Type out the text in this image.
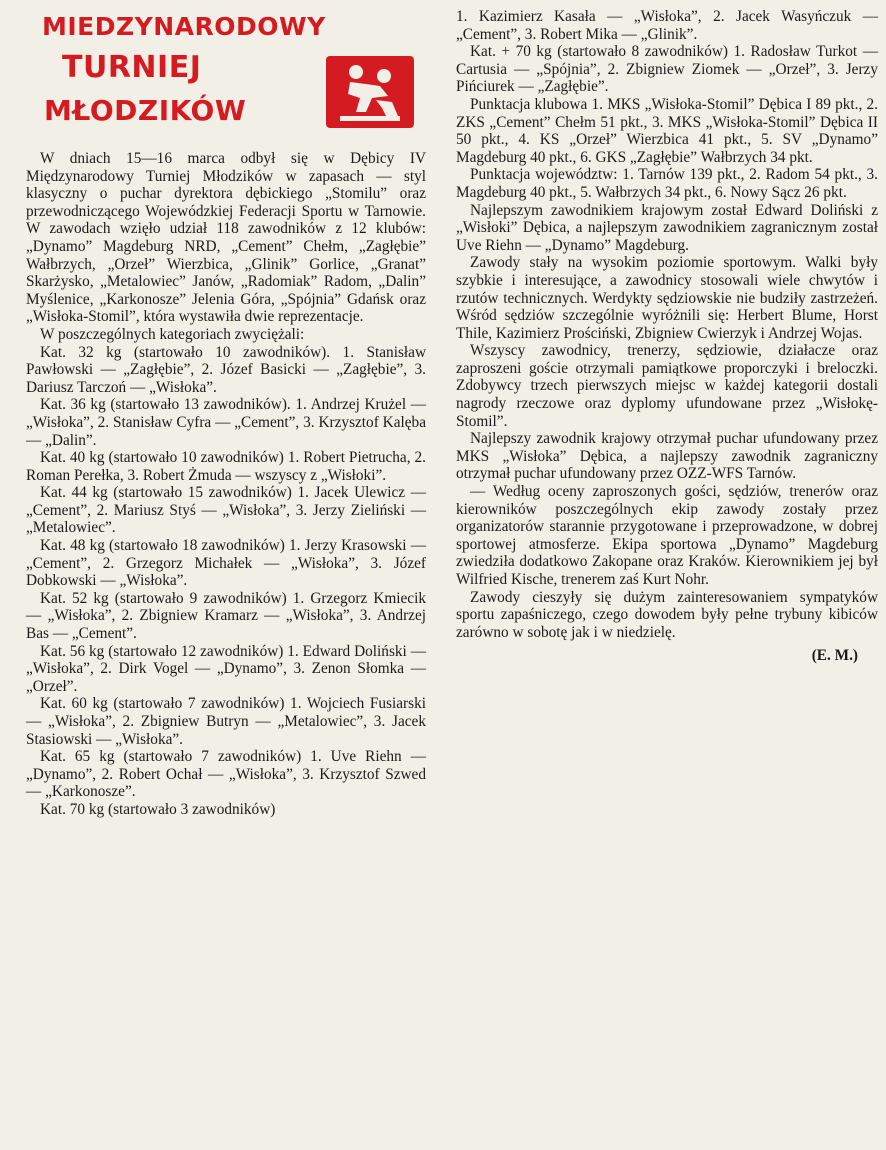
MIEDZYNARODOWY
TURNIEJ
MŁODZIKÓW

W dniach 15—16 marca odbył się w Dębicy IV Międzynarodowy Turniej Młodzików w zapasach — styl klasyczny o puchar dyrektora dębickiego „Stomilu” oraz przewodniczącego Wojewódzkiej Federacji Sportu w Tarnowie. W zawodach wzięło udział 118 zawodników z 12 klubów: „Dynamo” Magdeburg NRD, „Cement” Chełm, „Zagłębie” Wałbrzych, „Orzeł” Wierzbica, „Glinik” Gorlice, „Granat” Skarżysko, „Metalowiec” Janów, „Radomiak” Radom, „Dalin” Myślenice, „Karkonosze” Jelenia Góra, „Spójnia” Gdańsk oraz „Wisłoka-Stomil”, która wystawiła dwie reprezentacje.

W poszczególnych kategoriach zwyciężali:

Kat. 32 kg (startowało 10 zawodników). 1. Stanisław Pawłowski — „Zagłębie”, 2. Józef Basicki — „Zagłębie”, 3. Dariusz Tarczoń — „Wisłoka”.

Kat. 36 kg (startowało 13 zawodników). 1. Andrzej Krużel — „Wisłoka”, 2. Stanisław Cyfra — „Cement”, 3. Krzysztof Kalęba — „Dalin”.

Kat. 40 kg (startowało 10 zawodników) 1. Robert Pietrucha, 2. Roman Perełka, 3. Robert Żmuda — wszyscy z „Wisłoki”.

Kat. 44 kg (startowało 15 zawodników) 1. Jacek Ulewicz — „Cement”, 2. Mariusz Styś — „Wisłoka”, 3. Jerzy Zieliński — „Metalowiec”.

Kat. 48 kg (startowało 18 zawodników) 1. Jerzy Krasowski — „Cement”, 2. Grzegorz Michałek — „Wisłoka”, 3. Józef Dobkowski — „Wisłoka”.

Kat. 52 kg (startowało 9 zawodników) 1. Grzegorz Kmiecik — „Wisłoka”, 2. Zbigniew Kramarz — „Wisłoka”, 3. Andrzej Bas — „Cement”.

Kat. 56 kg (startowało 12 zawodników) 1. Edward Doliński — „Wisłoka”, 2. Dirk Vogel — „Dynamo”, 3. Zenon Słomka — „Orzeł”.

Kat. 60 kg (startowało 7 zawodników) 1. Wojciech Fusiarski — „Wisłoka”, 2. Zbigniew Butryn — „Metalowiec”, 3. Jacek Stasiowski — „Wisłoka”.

Kat. 65 kg (startowało 7 zawodników) 1. Uve Riehn — „Dynamo”, 2. Robert Ochał — „Wisłoka”, 3. Krzysztof Szwed — „Karkonosze”.

Kat. 70 kg (startowało 3 zawodników)

1. Kazimierz Kasała — „Wisłoka”, 2. Jacek Wasyńczuk — „Cement”, 3. Robert Mika — „Glinik”.

Kat. + 70 kg (startowało 8 zawodników) 1. Radosław Turkot — Cartusia — „Spójnia”, 2. Zbigniew Ziomek — „Orzeł”, 3. Jerzy Pińciurek — „Zagłębie”.

Punktacja klubowa 1. MKS „Wisłoka-Stomil” Dębica I 89 pkt., 2. ZKS „Cement” Chełm 51 pkt., 3. MKS „Wisłoka-Stomil” Dębica II 50 pkt., 4. KS „Orzeł” Wierzbica 41 pkt., 5. SV „Dynamo” Magdeburg 40 pkt., 6. GKS „Zagłębie” Wałbrzych 34 pkt.

Punktacja województw: 1. Tarnów 139 pkt., 2. Radom 54 pkt., 3. Magdeburg 40 pkt., 5. Wałbrzych 34 pkt., 6. Nowy Sącz 26 pkt.

Najlepszym zawodnikiem krajowym został Edward Doliński z „Wisłoki” Dębica, a najlepszym zawodnikiem zagranicznym został Uve Riehn — „Dynamo” Magdeburg.

Zawody stały na wysokim poziomie sportowym. Walki były szybkie i interesujące, a zawodnicy stosowali wiele chwytów i rzutów technicznych. Werdykty sędziowskie nie budziły zastrzeżeń. Wśród sędziów szczególnie wyróżnili się: Herbert Blume, Horst Thile, Kazimierz Prościński, Zbigniew Cwierzyk i Andrzej Wojas.

Wszyscy zawodnicy, trenerzy, sędziowie, działacze oraz zaproszeni goście otrzymali pamiątkowe proporczyki i breloczki. Zdobywcy trzech pierwszych miejsc w każdej kategorii dostali nagrody rzeczowe oraz dyplomy ufundowane przez „Wisłokę-Stomil”.

Najlepszy zawodnik krajowy otrzymał puchar ufundowany przez MKS „Wisłoka” Dębica, a najlepszy zawodnik zagraniczny otrzymał puchar ufundowany przez OZZ-WFS Tarnów.

— Według oceny zaproszonych gości, sędziów, trenerów oraz kierowników poszczególnych ekip zawody zostały przez organizatorów starannie przygotowane i przeprowadzone, w dobrej sportowej atmosferze. Ekipa sportowa „Dynamo” Magdeburg zwiedziła dodatkowo Zakopane oraz Kraków. Kierownikiem jej był Wilfried Kische, trenerem zaś Kurt Nohr.

Zawody cieszyły się dużym zainteresowaniem sympatyków sportu zapaśniczego, czego dowodem były pełne trybuny kibiców zarówno w sobotę jak i w niedzielę.

(E. M.)
